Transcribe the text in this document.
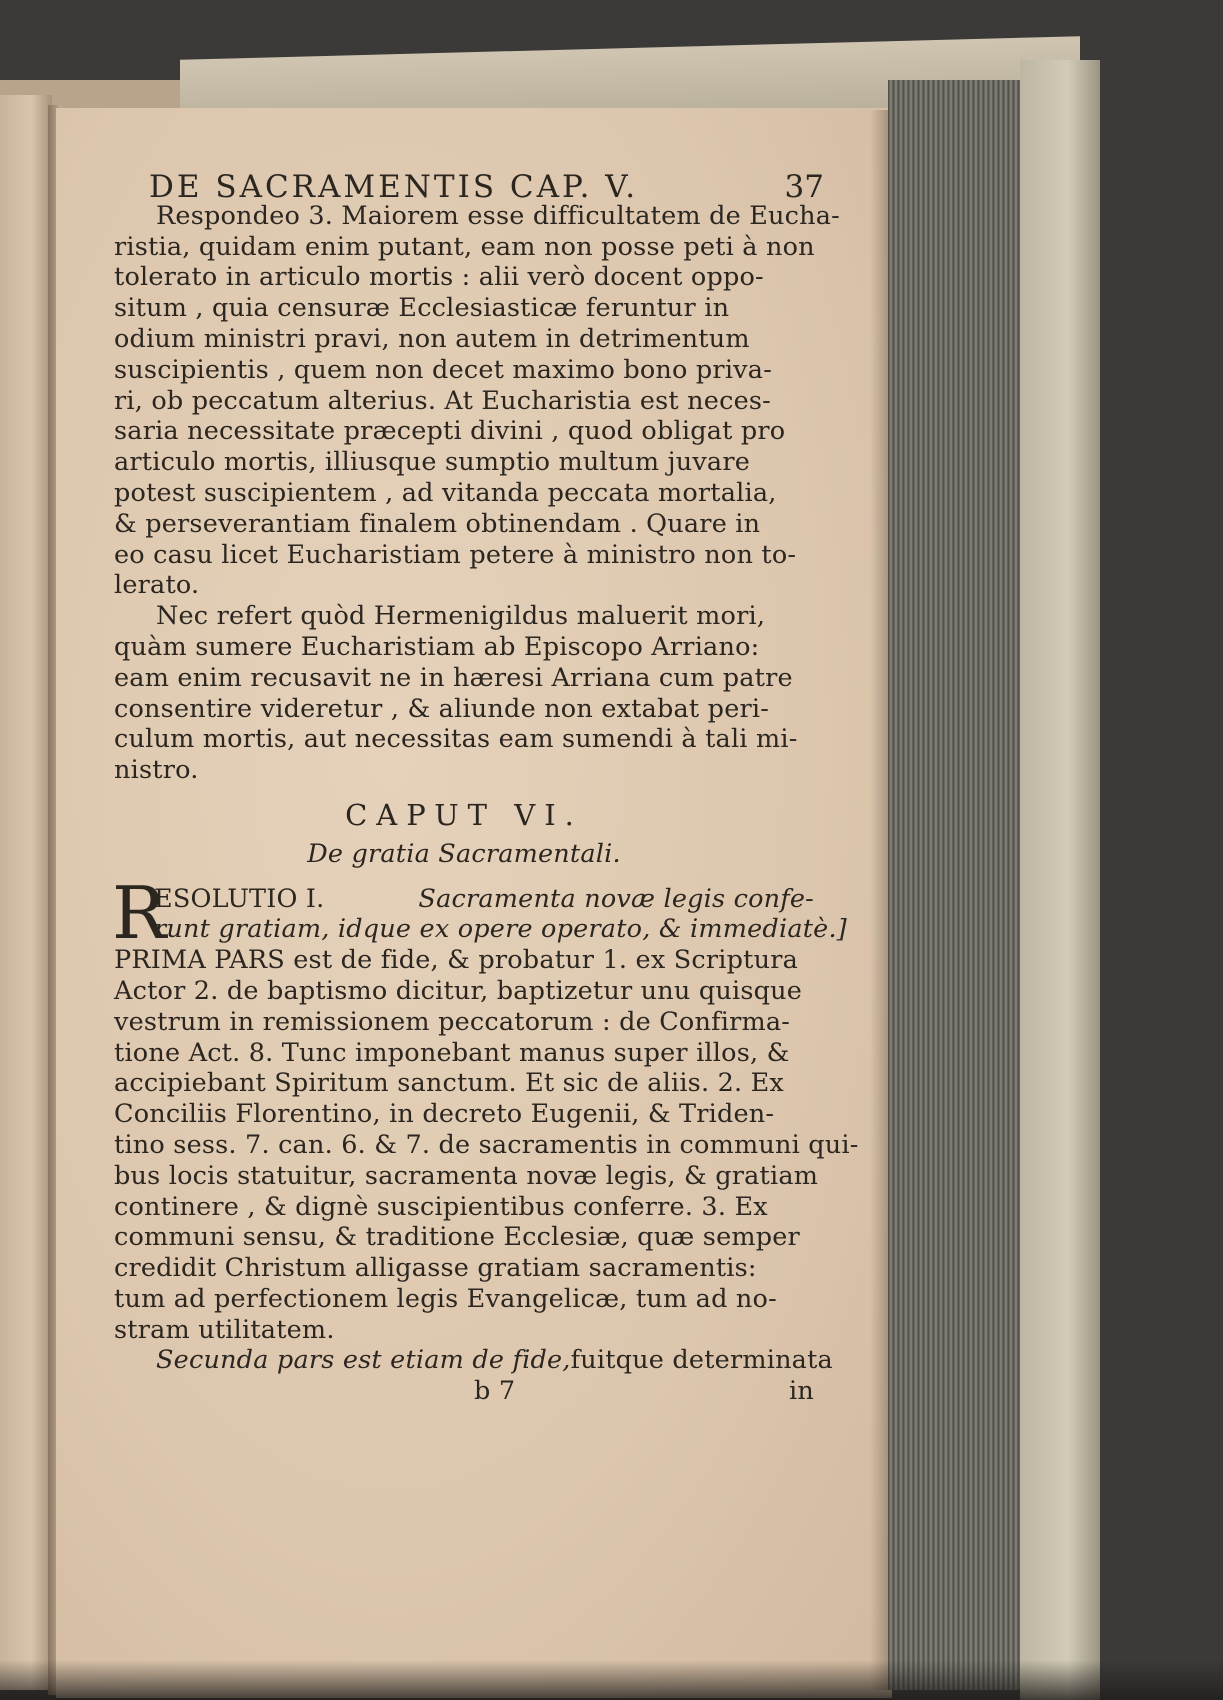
DE SACRAMENTIS CAP. V.	37
Respondeo 3. Maiorem esse difficultatem de Eucha-
ristia, quidam enim putant, eam non posse peti à non
tolerato in articulo mortis : alii verò docent oppo-
situm , quia censuræ Ecclesiasticæ feruntur in
odium ministri pravi, non autem in detrimentum
suscipientis , quem non decet maximo bono priva-
ri, ob peccatum alterius. At Eucharistia est neces-
saria necessitate præcepti divini , quod obligat pro
articulo mortis, illiusque sumptio multum juvare
potest suscipientem , ad vitanda peccata mortalia,
& perseverantiam finalem obtinendam . Quare in
eo casu licet Eucharistiam petere à ministro non to-
lerato.
Nec refert quòd Hermenigildus maluerit mori,
quàm sumere Eucharistiam ab Episcopo Arriano:
eam enim recusavit ne in hæresi Arriana cum patre
consentire videretur , & aliunde non extabat peri-
culum mortis, aut necessitas eam sumendi à tali mi-
nistro.
CAPUT VI.
De gratia Sacramentali.
R
ESOLUTIO I.	Sacramenta novæ legis confe-
runt gratiam, idque ex opere operato, & immediatè.]
PRIMA PARS est de fide, & probatur 1. ex Scriptura
Actor 2. de baptismo dicitur, baptizetur unu quisque
vestrum in remissionem peccatorum : de Confirma-
tione Act. 8. Tunc imponebant manus super illos, &
accipiebant Spiritum sanctum. Et sic de aliis. 2. Ex
Conciliis Florentino, in decreto Eugenii, & Triden-
tino sess. 7. can. 6. & 7. de sacramentis in communi qui-
bus locis statuitur, sacramenta novæ legis, & gratiam
continere , & dignè suscipientibus conferre. 3. Ex
communi sensu, & traditione Ecclesiæ, quæ semper
credidit Christum alligasse gratiam sacramentis:
tum ad perfectionem legis Evangelicæ, tum ad no-
stram utilitatem.
Secunda pars est etiam de fide, fuitque determinata
b 7	in
